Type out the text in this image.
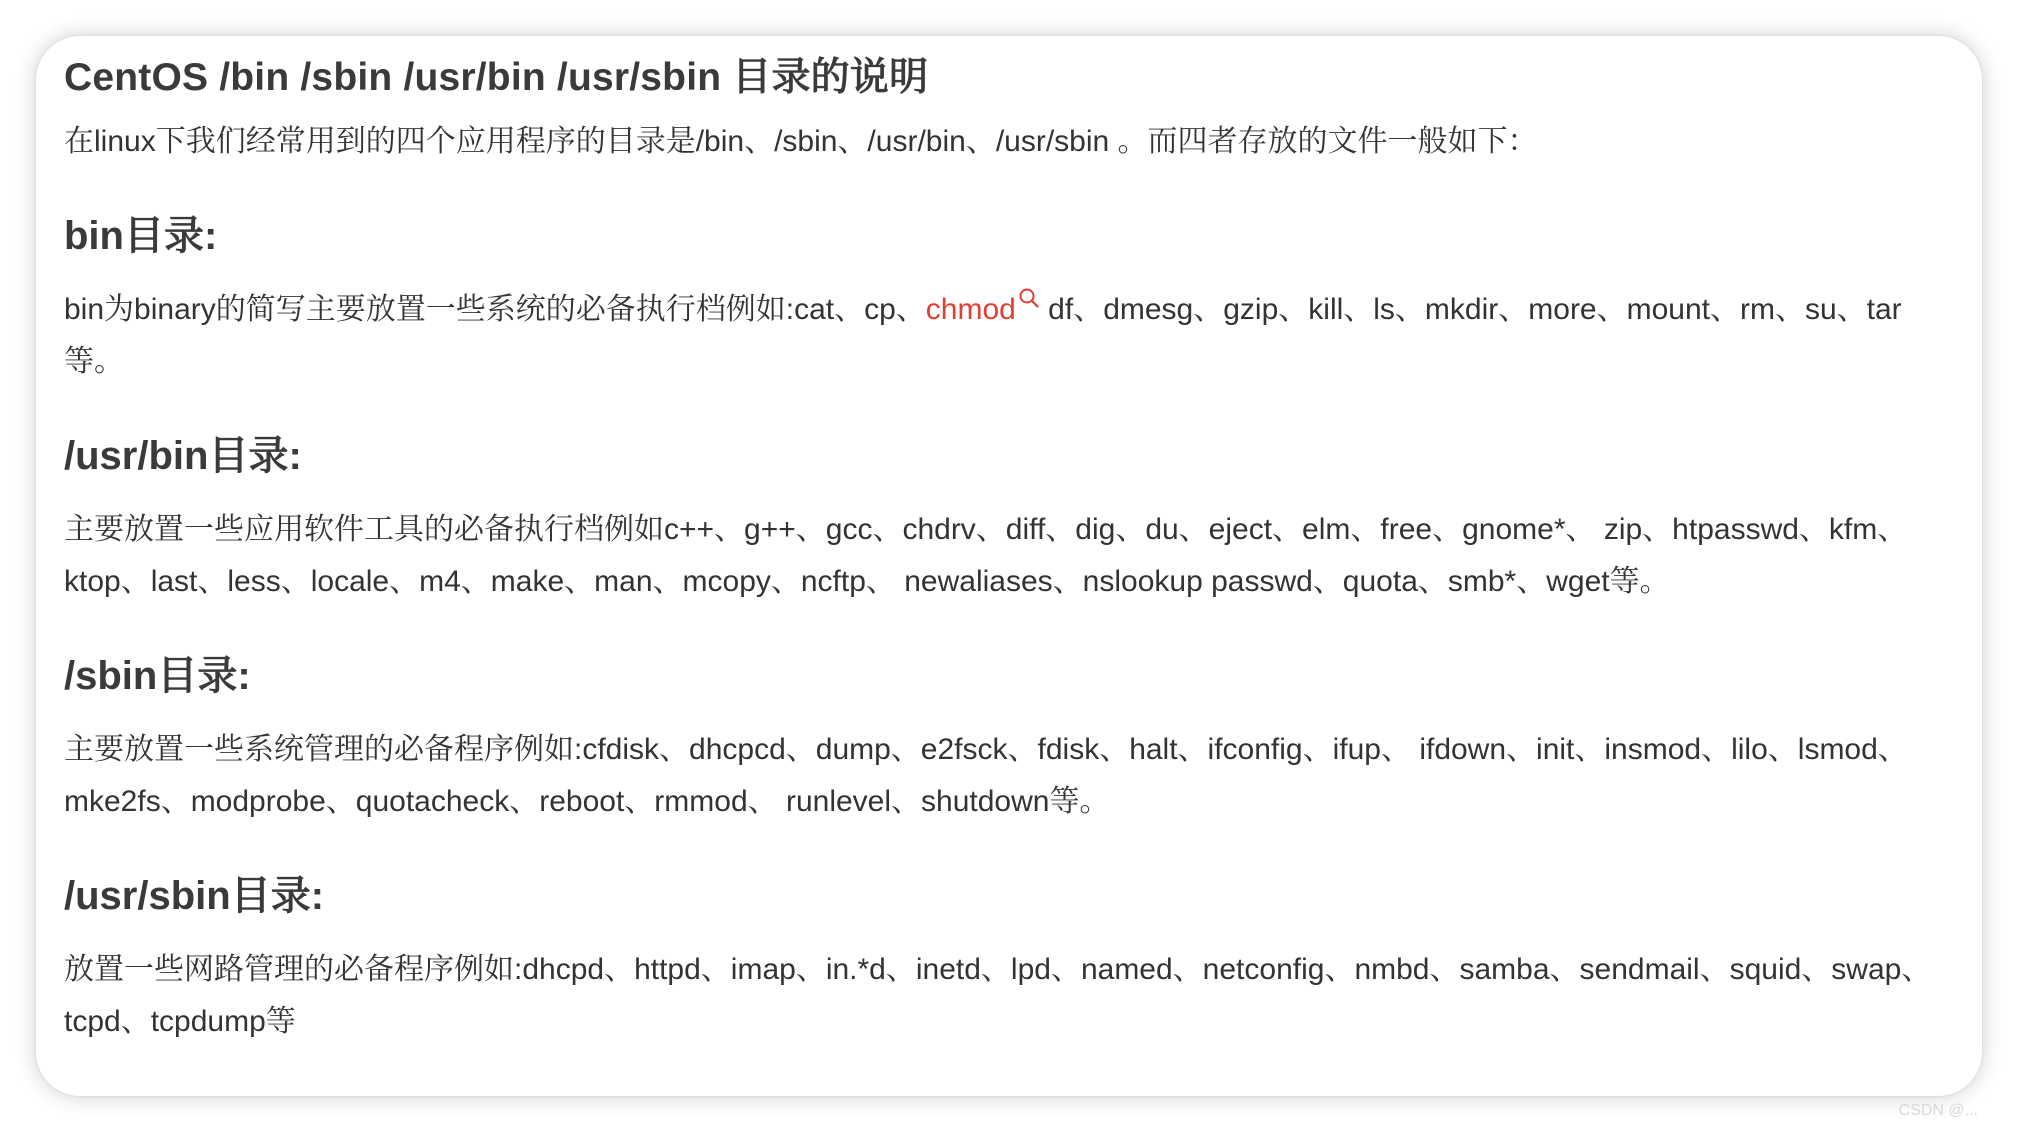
CentOS /bin /sbin /usr/bin /usr/sbin 目录的说明

在linux下我们经常用到的四个应用程序的目录是/bin、/sbin、/usr/bin、/usr/sbin 。而四者存放的文件一般如下：

bin目录:

bin为binary的简写主要放置一些系统的必备执行档例如:cat、cp、chmod df、dmesg、gzip、kill、ls、mkdir、more、mount、rm、su、tar等。

/usr/bin目录:

主要放置一些应用软件工具的必备执行档例如c++、g++、gcc、chdrv、diff、dig、du、eject、elm、free、gnome*、 zip、htpasswd、kfm、ktop、last、less、locale、m4、make、man、mcopy、ncftp、 newaliases、nslookup passwd、quota、smb*、wget等。

/sbin目录:

主要放置一些系统管理的必备程序例如:cfdisk、dhcpcd、dump、e2fsck、fdisk、halt、ifconfig、ifup、 ifdown、init、insmod、lilo、lsmod、mke2fs、modprobe、quotacheck、reboot、rmmod、 runlevel、shutdown等。

/usr/sbin目录:

放置一些网路管理的必备程序例如:dhcpd、httpd、imap、in.*d、inetd、lpd、named、netconfig、nmbd、samba、sendmail、squid、swap、tcpd、tcpdump等

CSDN @...
